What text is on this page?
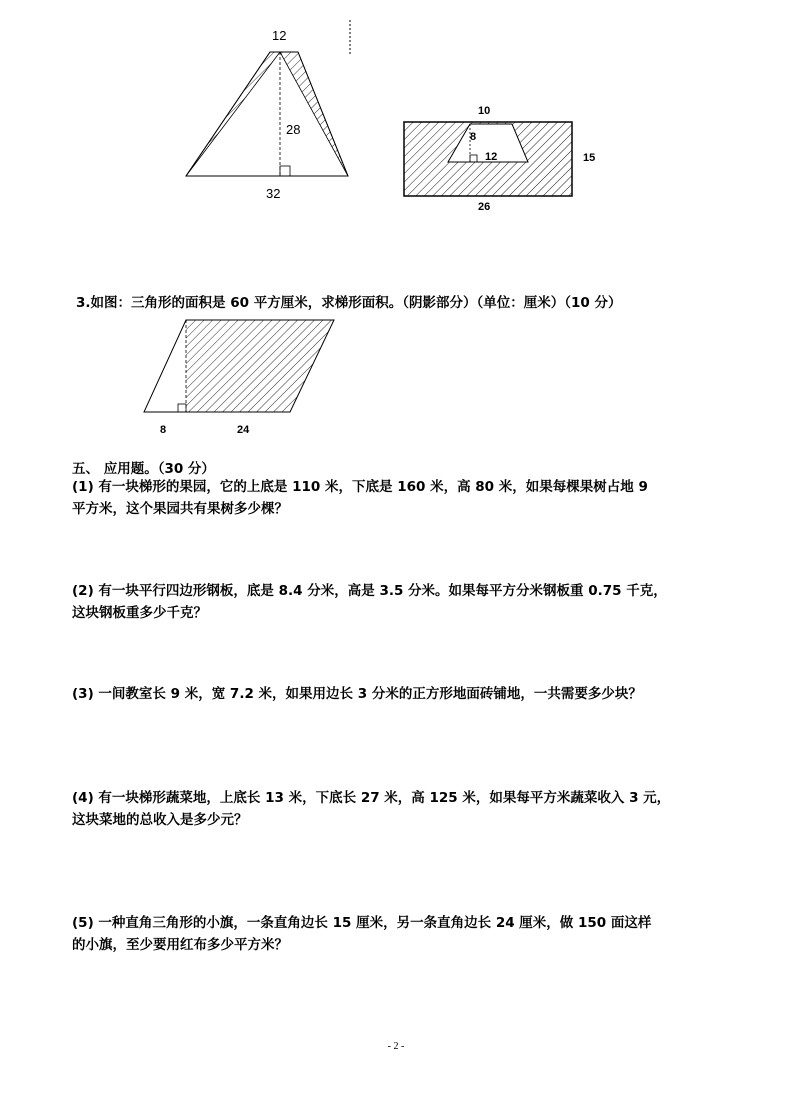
12
28
32
10
8
12	15
26
3.如图：三角形的面积是 60 平方厘米，求梯形面积。（阴影部分）（单位：厘米）（10 分）
8	24
五、 应用题。（30 分）
(1) 有一块梯形的果园，它的上底是 110 米，下底是 160 米，高 80 米，如果每棵果树占地 9
平方米，这个果园共有果树多少棵？
(2) 有一块平行四边形钢板，底是 8.4 分米，高是 3.5 分米。如果每平方分米钢板重 0.75 千克，
这块钢板重多少千克？
(3) 一间教室长 9 米，宽 7.2 米，如果用边长 3 分米的正方形地面砖铺地，一共需要多少块？
(4) 有一块梯形蔬菜地，上底长 13 米，下底长 27 米，高 125 米，如果每平方米蔬菜收入 3 元，
这块菜地的总收入是多少元？
(5) 一种直角三角形的小旗，一条直角边长 15 厘米，另一条直角边长 24 厘米，做 150 面这样
的小旗，至少要用红布多少平方米？
- 2 -
